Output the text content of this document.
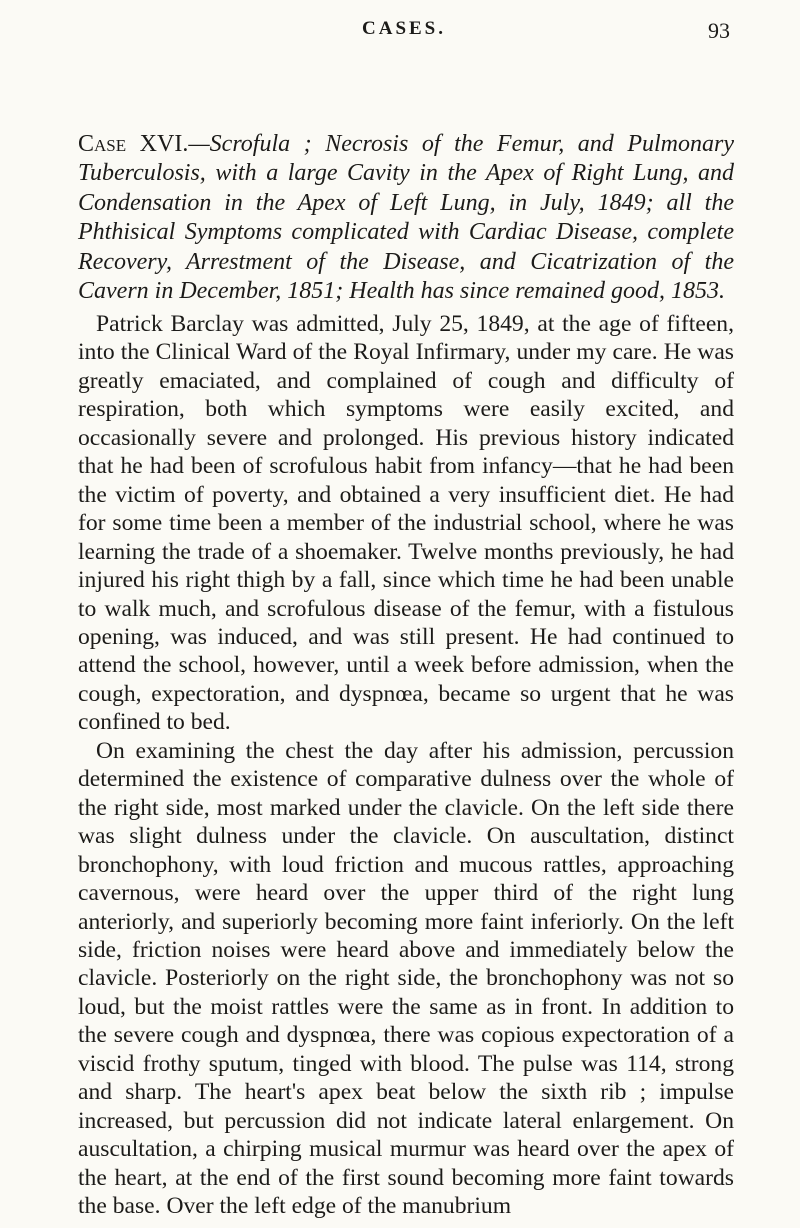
CASES.	93

Case XVI.—Scrofula ; Necrosis of the Femur, and Pulmonary Tuberculosis, with a large Cavity in the Apex of Right Lung, and Condensation in the Apex of Left Lung, in July, 1849; all the Phthisical Symptoms complicated with Cardiac Disease, complete Recovery, Arrestment of the Disease, and Cicatrization of the Cavern in December, 1851; Health has since remained good, 1853.

Patrick Barclay was admitted, July 25, 1849, at the age of fifteen, into the Clinical Ward of the Royal Infirmary, under my care. He was greatly emaciated, and complained of cough and difficulty of respiration, both which symptoms were easily excited, and occasionally severe and prolonged. His previous history indicated that he had been of scrofulous habit from infancy—that he had been the victim of poverty, and obtained a very insufficient diet. He had for some time been a member of the industrial school, where he was learning the trade of a shoemaker. Twelve months previously, he had injured his right thigh by a fall, since which time he had been unable to walk much, and scrofulous disease of the femur, with a fistulous opening, was induced, and was still present. He had continued to attend the school, however, until a week before admission, when the cough, expectoration, and dyspnœa, became so urgent that he was confined to bed.

On examining the chest the day after his admission, percussion determined the existence of comparative dulness over the whole of the right side, most marked under the clavicle. On the left side there was slight dulness under the clavicle. On auscultation, distinct bronchophony, with loud friction and mucous rattles, approaching cavernous, were heard over the upper third of the right lung anteriorly, and superiorly becoming more faint inferiorly. On the left side, friction noises were heard above and immediately below the clavicle. Posteriorly on the right side, the bronchophony was not so loud, but the moist rattles were the same as in front. In addition to the severe cough and dyspnœa, there was copious expectoration of a viscid frothy sputum, tinged with blood. The pulse was 114, strong and sharp. The heart's apex beat below the sixth rib ; impulse increased, but percussion did not indicate lateral enlargement. On auscultation, a chirping musical murmur was heard over the apex of the heart, at the end of the first sound becoming more faint towards the base. Over the left edge of the manubrium
